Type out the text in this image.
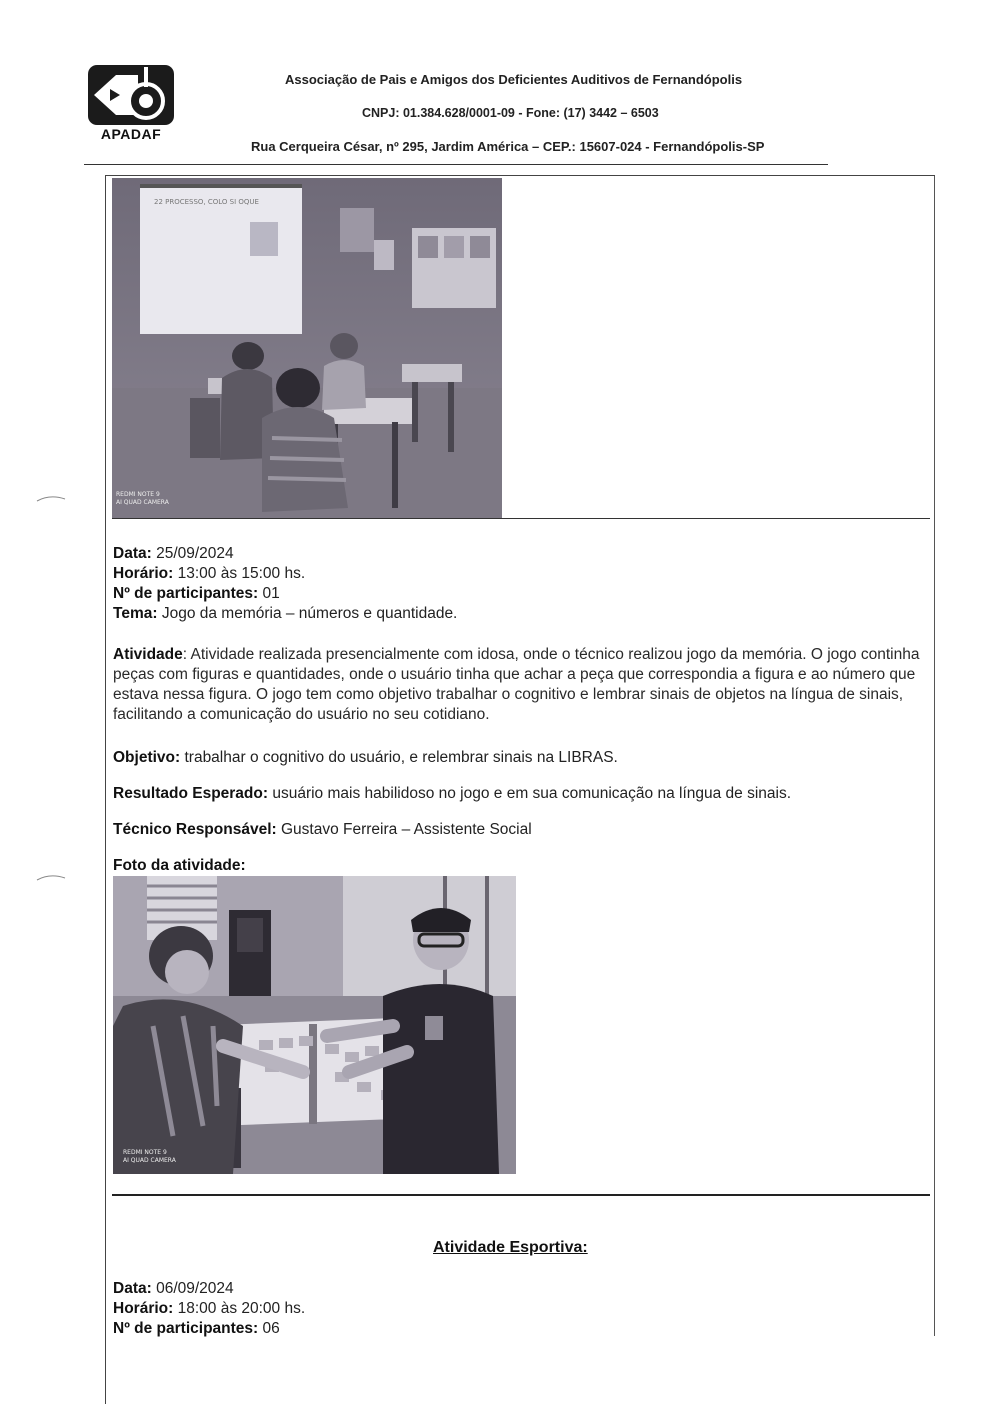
APADAF
Associação de Pais e Amigos dos Deficientes Auditivos de Fernandópolis
CNPJ: 01.384.628/0001-09 - Fone: (17) 3442 – 6503
Rua Cerqueira César, nº 295, Jardim América – CEP.: 15607-024 - Fernandópolis-SP
22 PROCESSO, COLO SI OQUE
REDMI NOTE 9
AI QUAD CAMERA
Data: 25/09/2024
Horário: 13:00 às 15:00 hs.
Nº de participantes: 01
Tema: Jogo da memória – números e quantidade.
Atividade: Atividade realizada presencialmente com idosa, onde o técnico realizou jogo da memória. O jogo continha peças com figuras e quantidades, onde o usuário tinha que achar a peça que correspondia a figura e ao número que estava nessa figura. O jogo tem como objetivo trabalhar o cognitivo e lembrar sinais de objetos na língua de sinais, facilitando a comunicação do usuário no seu cotidiano.
Objetivo: trabalhar o cognitivo do usuário, e relembrar sinais na LIBRAS.
Resultado Esperado: usuário mais habilidoso no jogo e em sua comunicação na língua de sinais.
Técnico Responsável: Gustavo Ferreira – Assistente Social
Foto da atividade:
REDMI NOTE 9
AI QUAD CAMERA
Atividade Esportiva:
Data: 06/09/2024
Horário: 18:00 às 20:00 hs.
Nº de participantes: 06
